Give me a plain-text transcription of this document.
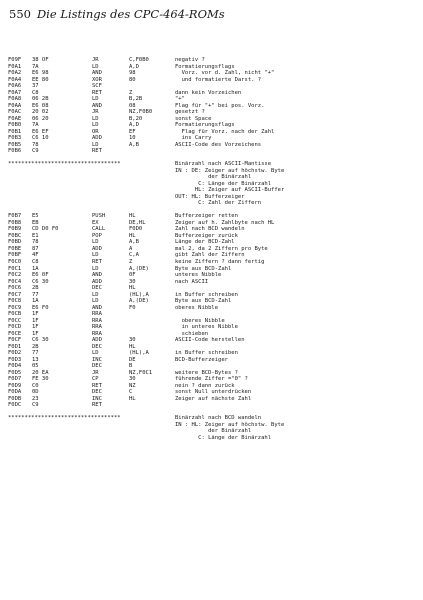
550 Die Listings des CPC-464-ROMs
F09F 38 OF	JR	C,F0B0	negativ ?
F0A1 7A	LD	A,D	Formatierungsflags
F0A2 E6 98	AND	98	Vorz. vor d. Zahl, nicht "+"
F0A4 EE 80	XOR	80	und formatierte Darst. ?
F0A6 37	SCF
F0A7 C8	RET	Z	dann kein Vorzeichen
F0A8 06 2B	LD	B,2B	"+"
F0AA E6 08	AND	08	Flag für "+" bei pos. Vorz.
F0AC 20 02	JR	NZ,F0B0	gesetzt ?
F0AE 06 20	LD	B,20	sonst Space
F0B0 7A	LD	A,D	Formatierungsflags
F0B1 E6 EF	OR	EF	Flag für Vorz. nach der Zahl
F0B3 C6 10	ADD	10	ins Carry
F0B5 78	LD	A,B	ASCII-Code des Vorzeichens
F0B6 C9	RET
**********************************	Binärzahl nach ASCII-Mantisse
IN : DE: Zeiger auf höchstw. Byte
der Binärzahl
C: Länge der Binärzahl
HL: Zeiger auf ASCII-Buffer
OUT: HL: Bufferzeiger
C: Zahl der Ziffern
F0B7 E5	PUSH	HL	Bufferzeiger retten
F0B8 EB	EX	DE,HL	Zeiger auf h. Zahlbyte nach HL
F0B9 CD D0 F0	CALL	F0D0	Zahl nach BCD wandeln
F0BC E1	POP	HL	Bufferzeiger zurück
F0BD 78	LD	A,B	Länge der BCD-Zahl
F0BE 87	ADD	A	mal 2, da 2 Ziffern pro Byte
F0BF 4F	LD	C,A	gibt Zahl der Ziffern
F0C0 C8	RET	Z	keine Ziffern ? dann fertig
F0C1 1A	LD	A,(DE)	Byte aus BCD-Zahl
F0C2 E6 0F	AND	0F	unteres Nibble
F0C4 C6 30	ADD	30	nach ASCII
F0C6 2B	DEC	HL
F0C7 77	LD	(HL),A	in Buffer schreiben
F0C8 1A	LD	A,(DE)	Byte aus BCD-Zahl
F0C9 E6 F0	AND	F0	oberes Nibble
F0CB 1F	RRA
F0CC 1F	RRA	oberes Nibble
F0CD 1F	RRA	in unteres Nibble
F0CE 1F	RRA	schieben
F0CF C6 30	ADD	30	ASCII-Code herstellen
F0D1 2B	DEC	HL
F0D2 77	LD	(HL),A	in Buffer schreiben
F0D3 13	INC	DE	BCD-Bufferzeiger
F0D4 05	DEC	B
F0D5 20 EA	JR	NZ,F0C1	weitere BCD-Bytes ?
F0D7 FE 30	CP	30	führende Ziffer ="0" ?
F0D9 C0	RET	NZ	nein ? dann zurück
F0DA 0D	DEC	C	sonst Null unterdrücken
F0DB 23	INC	HL	Zeiger auf nächste Zahl
F0DC C9	RET
**********************************	Binärzahl nach BCD wandeln
IN : HL: Zeiger auf höchstw. Byte
der Binärzahl
C: Länge der Binärzahl
